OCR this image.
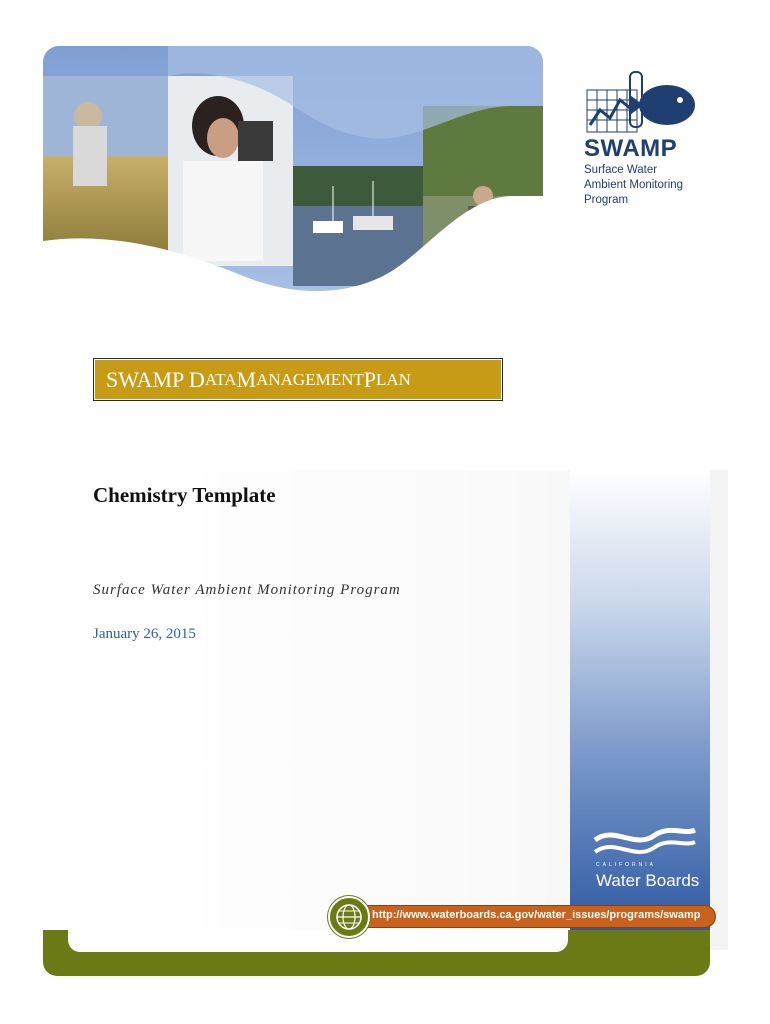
SWAMP
Surface Water
Ambient Monitoring
Program
SWAMP D ATA M ANAGEMENT P LAN
Chemistry Template
Surface Water Ambient Monitoring Program
January 26, 2015
CALIFORNIA
Water Boards
http://www.waterboards.ca.gov/water_issues/programs/swamp
